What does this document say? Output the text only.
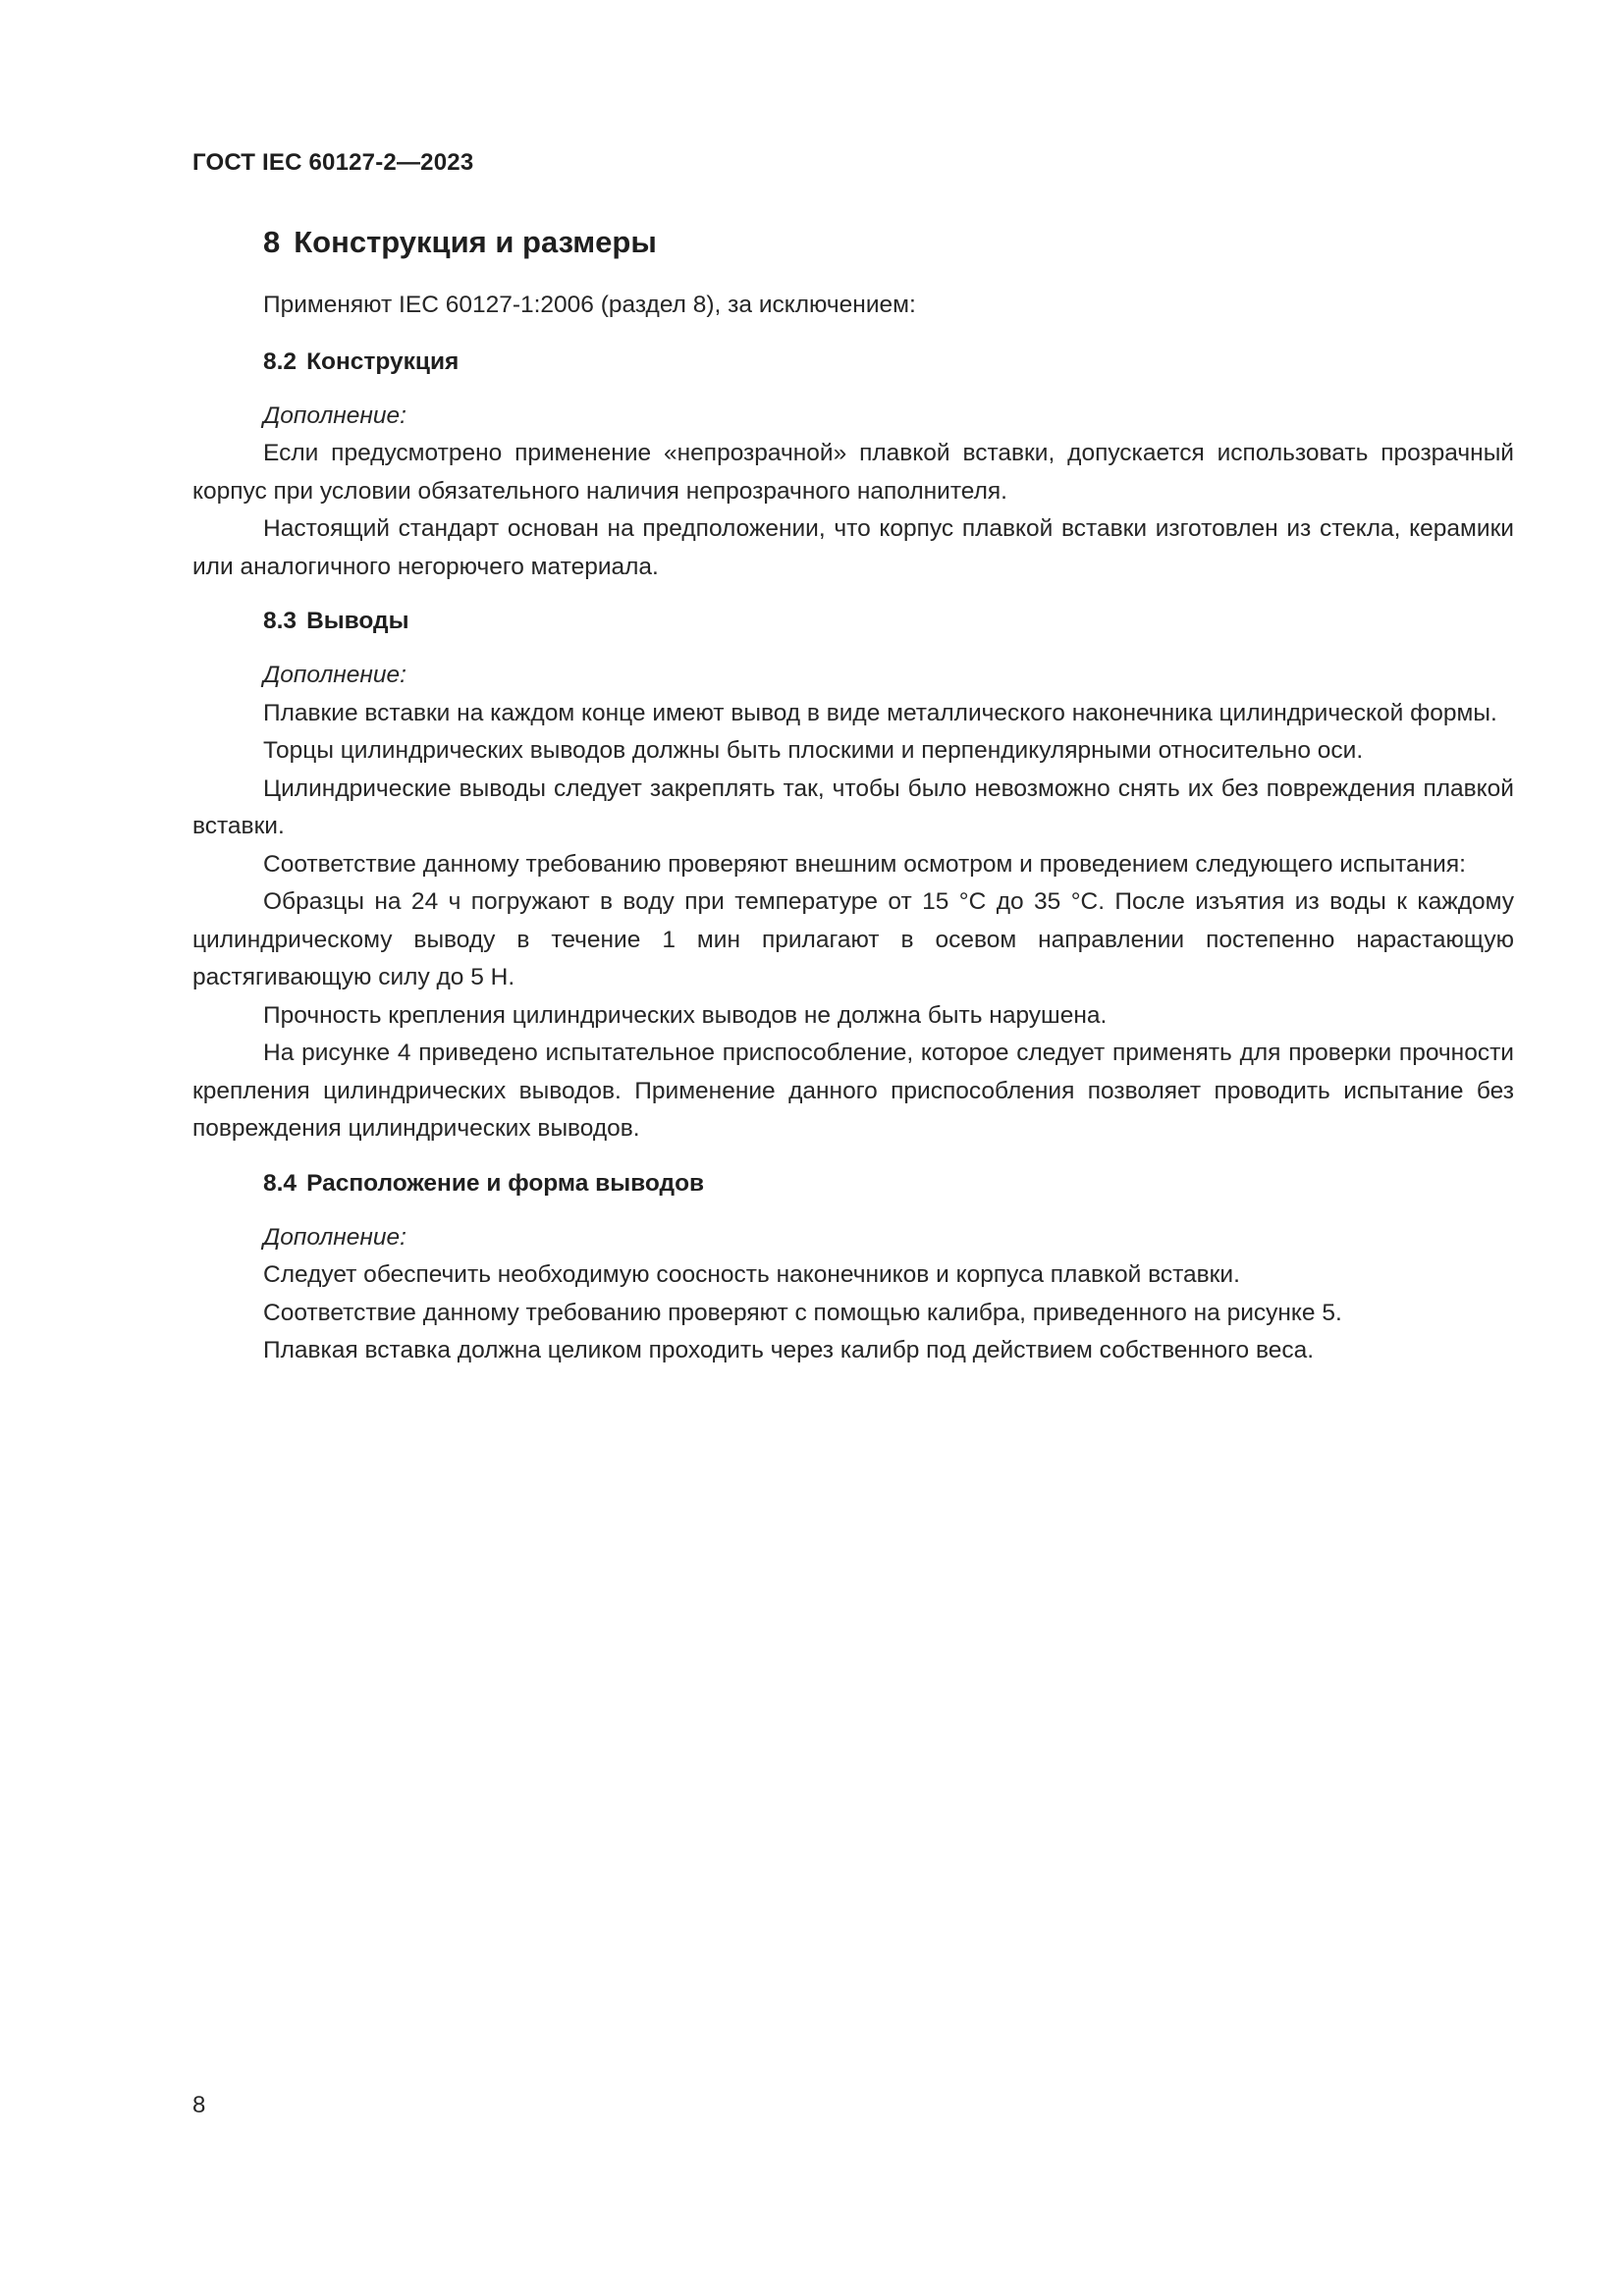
ГОСТ IEC 60127-2—2023
8 Конструкция и размеры

Применяют IEC 60127-1:2006 (раздел 8), за исключением:

8.2 Конструкция

Дополнение:

Если предусмотрено применение «непрозрачной» плавкой вставки, допускается использовать прозрачный корпус при условии обязательного наличия непрозрачного наполнителя.

Настоящий стандарт основан на предположении, что корпус плавкой вставки изготовлен из стекла, керамики или аналогичного негорючего материала.

8.3 Выводы

Дополнение:

Плавкие вставки на каждом конце имеют вывод в виде металлического наконечника цилиндрической формы.

Торцы цилиндрических выводов должны быть плоскими и перпендикулярными относительно оси.

Цилиндрические выводы следует закреплять так, чтобы было невозможно снять их без повреждения плавкой вставки.

Соответствие данному требованию проверяют внешним осмотром и проведением следующего испытания:

Образцы на 24 ч погружают в воду при температуре от 15 °С до 35 °С. После изъятия из воды к каждому цилиндрическому выводу в течение 1 мин прилагают в осевом направлении постепенно нарастающую растягивающую силу до 5 Н.

Прочность крепления цилиндрических выводов не должна быть нарушена.

На рисунке 4 приведено испытательное приспособление, которое следует применять для проверки прочности крепления цилиндрических выводов. Применение данного приспособления позволяет проводить испытание без повреждения цилиндрических выводов.

8.4 Расположение и форма выводов

Дополнение:

Следует обеспечить необходимую соосность наконечников и корпуса плавкой вставки.

Соответствие данному требованию проверяют с помощью калибра, приведенного на рисунке 5.

Плавкая вставка должна целиком проходить через калибр под действием собственного веса.

8
